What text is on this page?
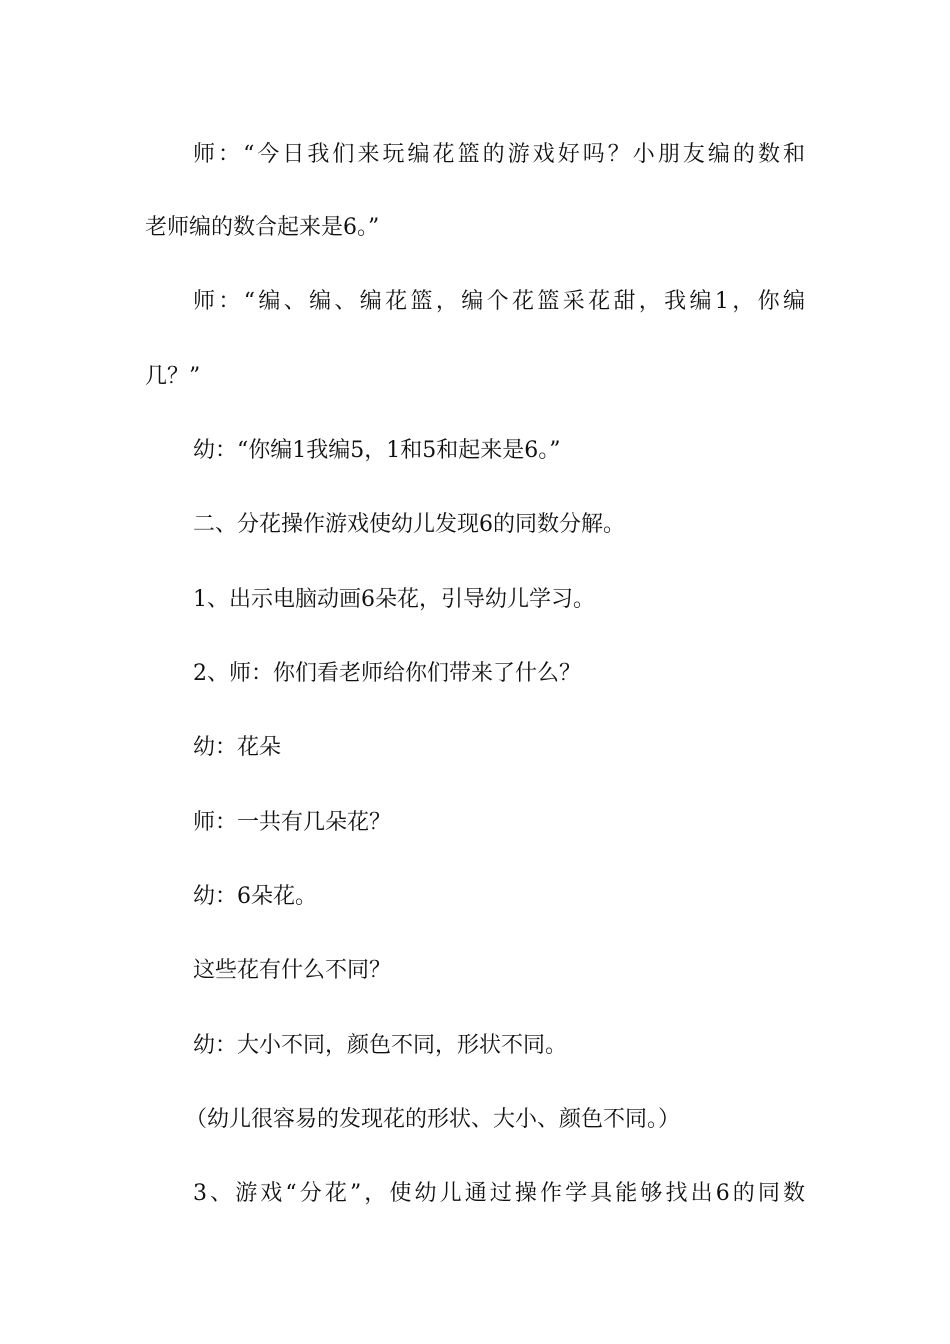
师：“今日我们来玩编花篮的游戏好吗？小朋友编的数和

老师编的数合起来是6。”

师：“编、编、编花篮，编个花篮采花甜，我编1，你编

几？”

幼：“你编1我编5，1和5和起来是6。”

二、分花操作游戏使幼儿发现6的同数分解。

1、出示电脑动画6朵花，引导幼儿学习。

2、师：你们看老师给你们带来了什么？

幼：花朵

师：一共有几朵花？

幼：6朵花。

这些花有什么不同？

幼：大小不同，颜色不同，形状不同。

（幼儿很容易的发现花的形状、大小、颜色不同。）

3、游戏“分花”，使幼儿通过操作学具能够找出6的同数
